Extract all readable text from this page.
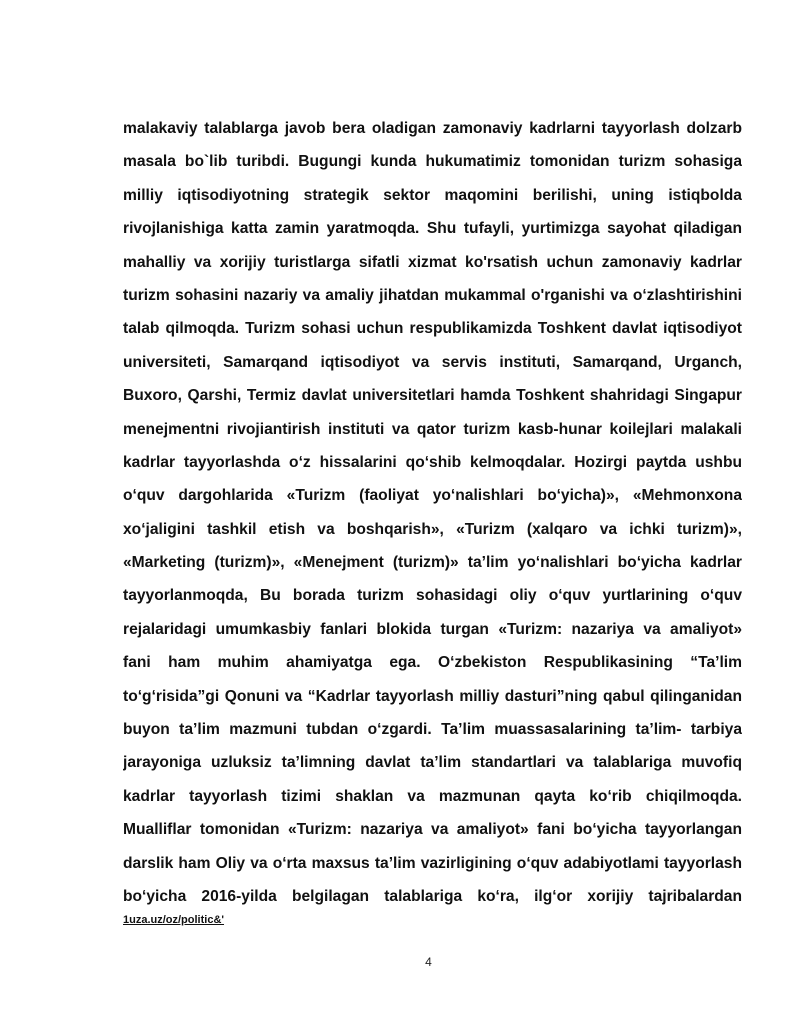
malakaviy talablarga javob bera oladigan zamonaviy kadrlarni tayyorlash dolzarb
masala bo`lib turibdi. Bugungi kunda hukumatimiz tomonidan turizm sohasiga
milliy iqtisodiyotning strategik sektor maqomini berilishi, uning istiqbolda
rivojlanishiga katta zamin yaratmoqda. Shu tufayli, yurtimizga sayohat qiladigan
mahalliy va xorijiy turistlarga sifatli xizmat ko'rsatish uchun zamonaviy kadrlar
turizm sohasini nazariy va amaliy jihatdan mukammal o'rganishi va o‘zlashtirishini
talab qilmoqda. Turizm sohasi uchun respublikamizda Toshkent davlat iqtisodiyot
universiteti, Samarqand iqtisodiyot va servis instituti, Samarqand, Urganch,
Buxoro, Qarshi, Termiz davlat universitetlari hamda Toshkent shahridagi Singapur
menejmentni rivojiantirish instituti va qator turizm kasb-hunar koilejlari malakali
kadrlar tayyorlashda o‘z hissalarini qo‘shib kelmoqdalar. Hozirgi paytda ushbu
o‘quv dargohlarida «Turizm (faoliyat yo‘nalishlari bo‘yicha)», «Mehmonxona
xo‘jaligini tashkil etish va boshqarish», «Turizm (xalqaro va ichki turizm)»,
«Marketing (turizm)», «Menejment (turizm)» ta’lim yo‘nalishlari bo‘yicha kadrlar
tayyorlanmoqda, Bu borada turizm sohasidagi oliy o‘quv yurtlarining o‘quv
rejalaridagi umumkasbiy fanlari blokida turgan «Turizm: nazariya va amaliyot»
fani ham muhim ahamiyatga ega. O‘zbekiston Respublikasining “Ta’lim
to‘g‘risida”gi Qonuni va “Kadrlar tayyorlash milliy dasturi”ning qabul qilinganidan
buyon ta’lim mazmuni tubdan o‘zgardi. Ta’lim muassasalarining ta’lim- tarbiya
jarayoniga uzluksiz ta’limning davlat ta’lim standartlari va talablariga muvofiq
kadrlar tayyorlash tizimi shaklan va mazmunan qayta ko‘rib chiqilmoqda.
Mualliflar tomonidan «Turizm: nazariya va amaliyot» fani bo‘yicha tayyorlangan
darslik ham Oliy va o‘rta maxsus ta’lim vazirligining o‘quv adabiyotlami tayyorlash
bo‘yicha 2016-yilda belgilagan talablariga ko‘ra, ilg‘or xorijiy tajribalardan
1uza.uz/oz/politic&'
4
